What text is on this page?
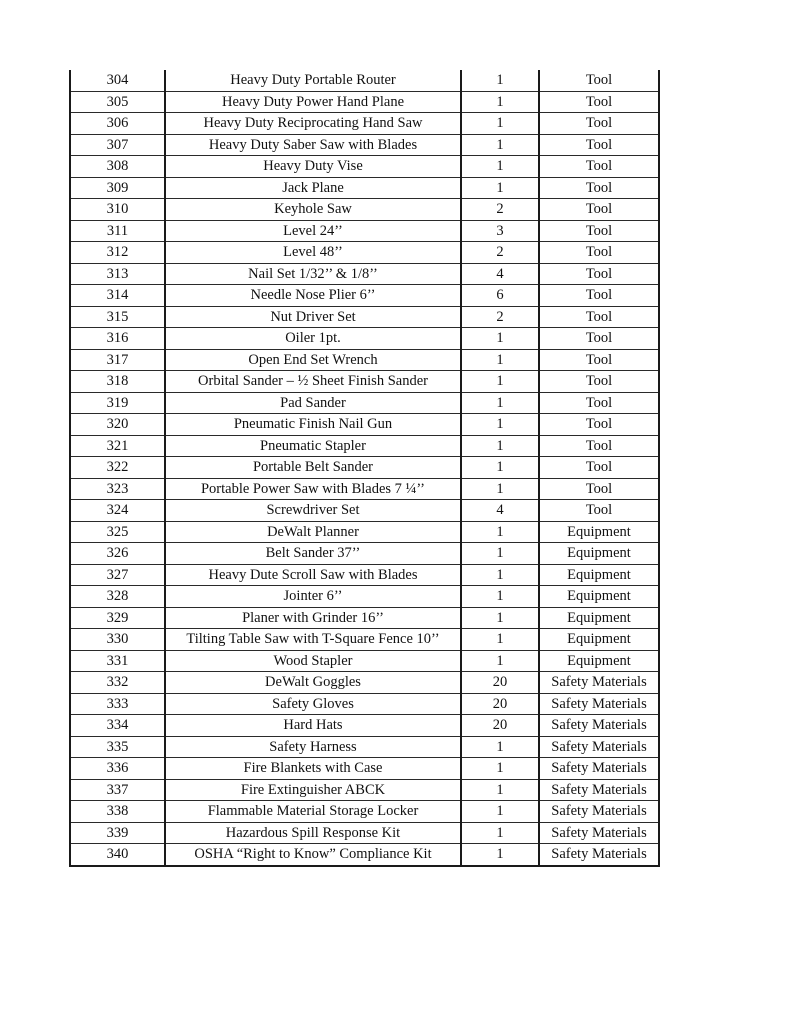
304	Heavy Duty Portable Router	1	Tool
305	Heavy Duty Power Hand Plane	1	Tool
306	Heavy Duty Reciprocating Hand Saw	1	Tool
307	Heavy Duty Saber Saw with Blades	1	Tool
308	Heavy Duty Vise	1	Tool
309	Jack Plane	1	Tool
310	Keyhole Saw	2	Tool
311	Level 24’’	3	Tool
312	Level 48’’	2	Tool
313	Nail Set 1/32’’ & 1/8’’	4	Tool
314	Needle Nose Plier 6’’	6	Tool
315	Nut Driver Set	2	Tool
316	Oiler 1pt.	1	Tool
317	Open End Set Wrench	1	Tool
318	Orbital Sander – ½ Sheet Finish Sander	1	Tool
319	Pad Sander	1	Tool
320	Pneumatic Finish Nail Gun	1	Tool
321	Pneumatic Stapler	1	Tool
322	Portable Belt Sander	1	Tool
323	Portable Power Saw with Blades 7 ¼’’	1	Tool
324	Screwdriver Set	4	Tool
325	DeWalt Planner	1	Equipment
326	Belt Sander 37’’	1	Equipment
327	Heavy Dute Scroll Saw with Blades	1	Equipment
328	Jointer 6’’	1	Equipment
329	Planer with Grinder 16’’	1	Equipment
330	Tilting Table Saw with T-Square Fence 10’’	1	Equipment
331	Wood Stapler	1	Equipment
332	DeWalt Goggles	20	Safety Materials
333	Safety Gloves	20	Safety Materials
334	Hard Hats	20	Safety Materials
335	Safety Harness	1	Safety Materials
336	Fire Blankets with Case	1	Safety Materials
337	Fire Extinguisher ABCK	1	Safety Materials
338	Flammable Material Storage Locker	1	Safety Materials
339	Hazardous Spill Response Kit	1	Safety Materials
340	OSHA “Right to Know” Compliance Kit	1	Safety Materials
